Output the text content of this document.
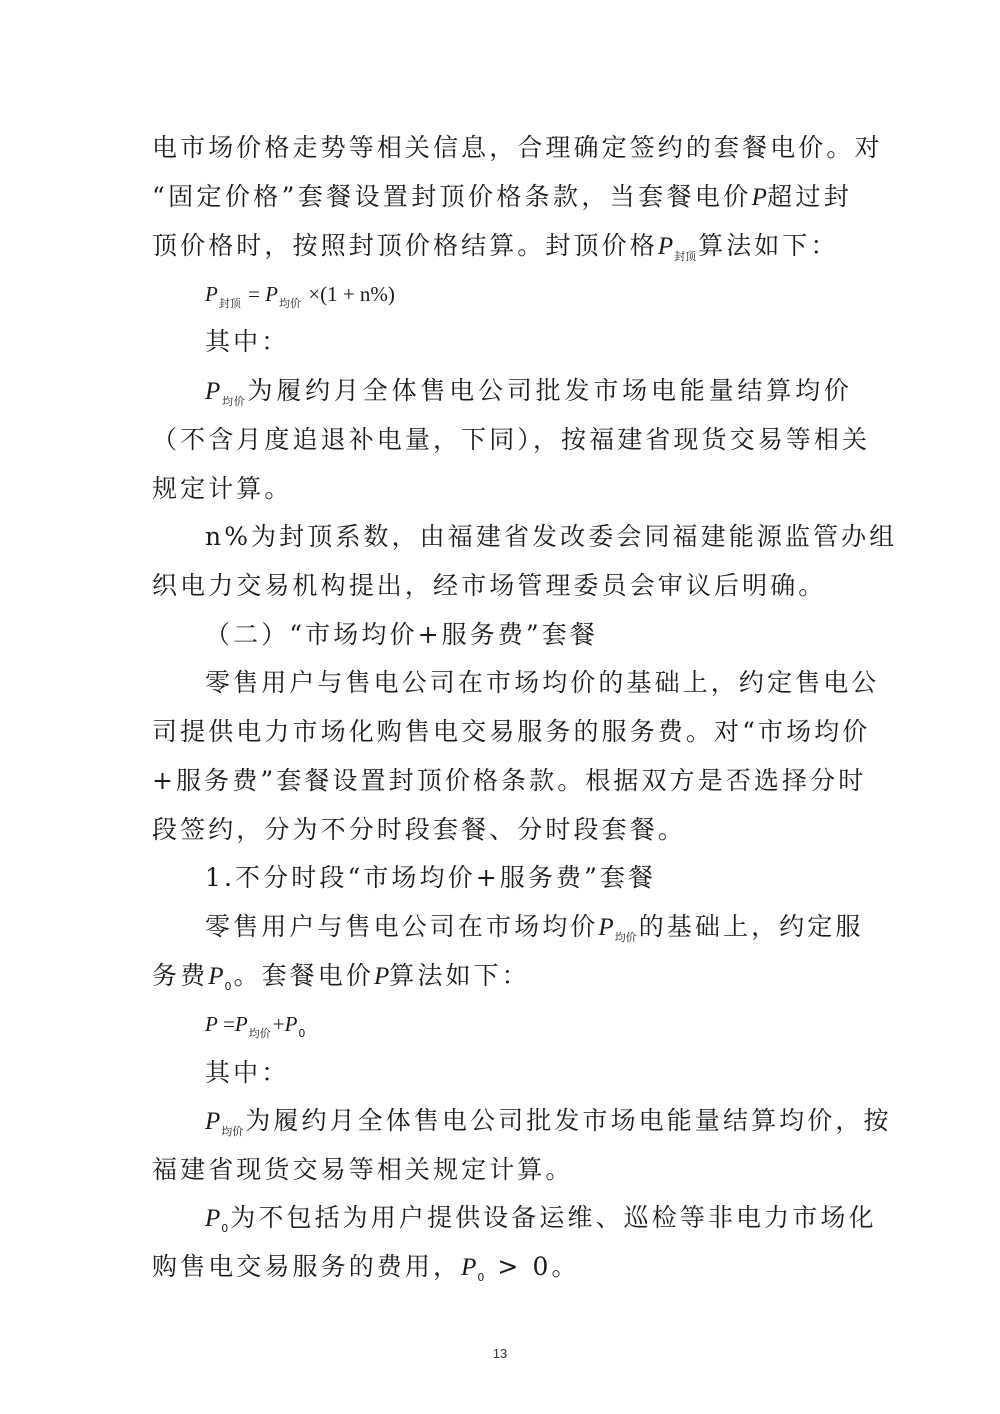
电市场价格走势等相关信息，合理确定签约的套餐电价。对
“固定价格”套餐设置封顶价格条款，当套餐电价P超过封
顶价格时，按照封顶价格结算。封顶价格$P_{封顶}$算法如下：
$P_{封顶} = P_{均价} \times(1 + n\%)$
其中：
$P_{均价}$为履约月全体售电公司批发市场电能量结算均价
（不含月度追退补电量，下同），按福建省现货交易等相关
规定计算。
n%为封顶系数，由福建省发改委会同福建能源监管办组
织电力交易机构提出，经市场管理委员会审议后明确。
（二）“市场均价+服务费”套餐
零售用户与售电公司在市场均价的基础上，约定售电公
司提供电力市场化购售电交易服务的服务费。对“市场均价
+服务费”套餐设置封顶价格条款。根据双方是否选择分时
段签约，分为不分时段套餐、分时段套餐。
1.不分时段“市场均价+服务费”套餐
零售用户与售电公司在市场均价$P_{均价}$的基础上，约定服
务费$P_0$。套餐电价P算法如下：
$P =P_{均价}+P_0$
其中：
$P_{均价}$为履约月全体售电公司批发市场电能量结算均价，按
福建省现货交易等相关规定计算。
$P_0$为不包括为用户提供设备运维、巡检等非电力市场化
购售电交易服务的费用，$P_0 > 0$。
13
